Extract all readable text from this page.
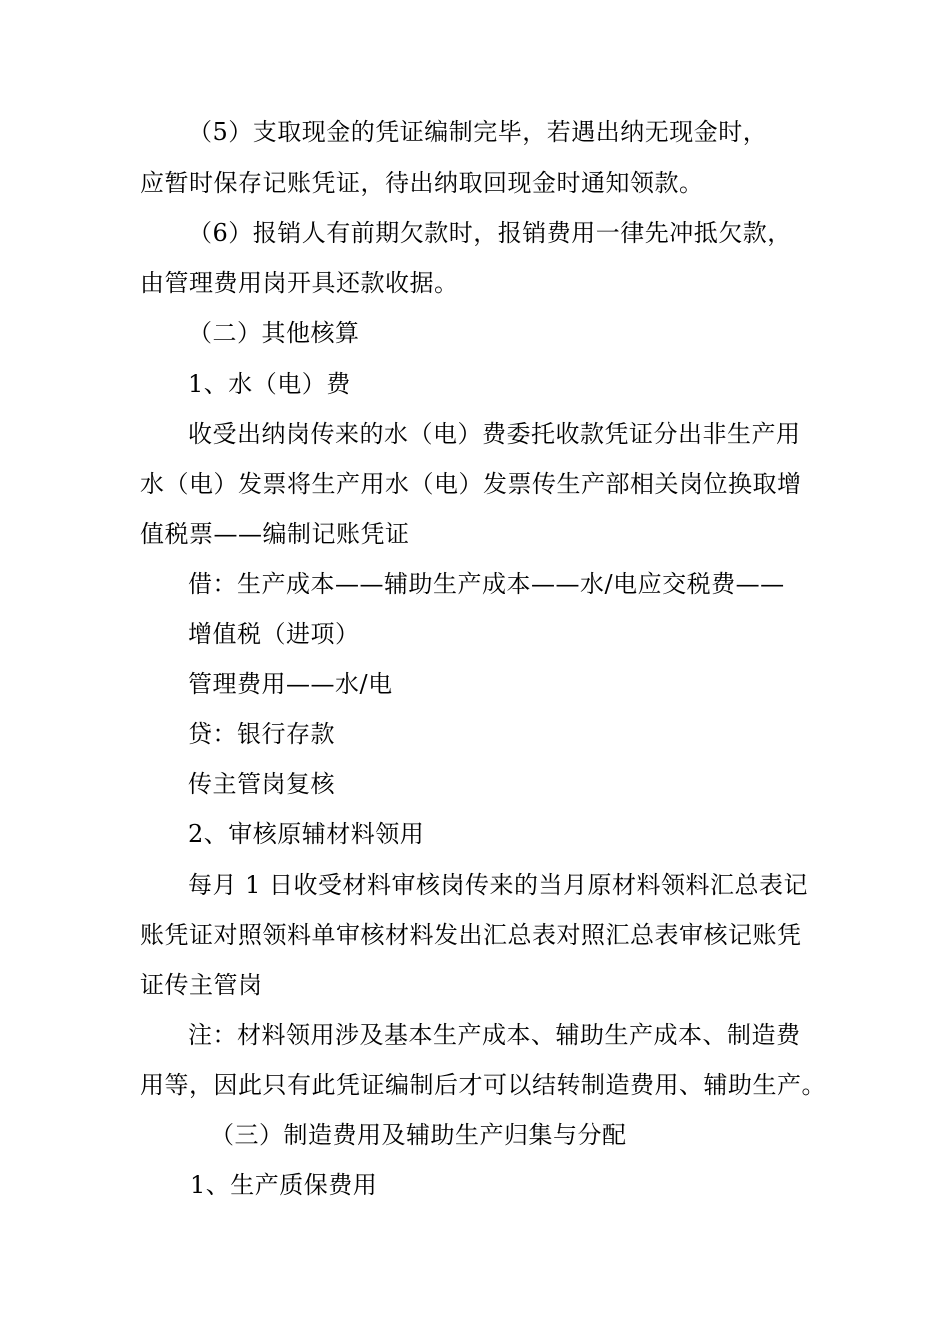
（5）支取现金的凭证编制完毕，若遇出纳无现金时，
应暂时保存记账凭证，待出纳取回现金时通知领款。
（6）报销人有前期欠款时，报销费用一律先冲抵欠款，
由管理费用岗开具还款收据。
（二）其他核算
1、水（电）费
收受出纳岗传来的水（电）费委托收款凭证分出非生产用
水（电）发票将生产用水（电）发票传生产部相关岗位换取增
值税票——编制记账凭证
借：生产成本——辅助生产成本——水/电应交税费——
增值税（进项）
管理费用——水/电
贷：银行存款
传主管岗复核
2、审核原辅材料领用
每月 1 日收受材料审核岗传来的当月原材料领料汇总表记
账凭证对照领料单审核材料发出汇总表对照汇总表审核记账凭
证传主管岗
注：材料领用涉及基本生产成本、辅助生产成本、制造费
用等，因此只有此凭证编制后才可以结转制造费用、辅助生产。
（三）制造费用及辅助生产归集与分配
1、生产质保费用
